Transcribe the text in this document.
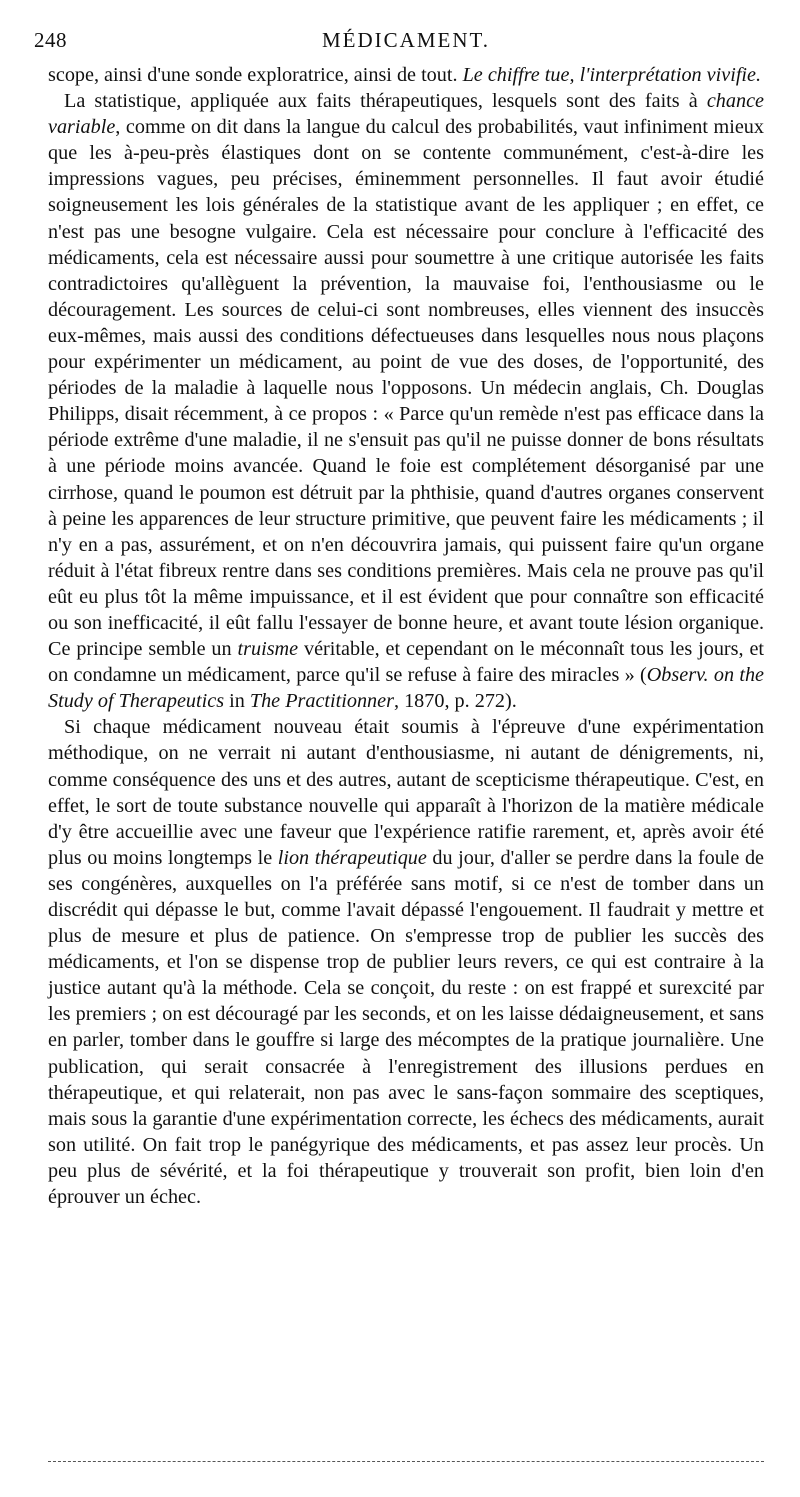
248	MÉDICAMENT.

scope, ainsi d'une sonde exploratrice, ainsi de tout. Le chiffre tue, l'interprétation vivifie.

La statistique, appliquée aux faits thérapeutiques, lesquels sont des faits à chance variable, comme on dit dans la langue du calcul des probabilités, vaut infiniment mieux que les à-peu-près élastiques dont on se contente communément, c'est-à-dire les impressions vagues, peu précises, éminemment personnelles. Il faut avoir étudié soigneusement les lois générales de la statistique avant de les appliquer ; en effet, ce n'est pas une besogne vulgaire. Cela est nécessaire pour conclure à l'efficacité des médicaments, cela est nécessaire aussi pour soumettre à une critique autorisée les faits contradictoires qu'allèguent la prévention, la mauvaise foi, l'enthousiasme ou le découragement. Les sources de celui-ci sont nombreuses, elles viennent des insuccès eux-mêmes, mais aussi des conditions défectueuses dans lesquelles nous nous plaçons pour expérimenter un médicament, au point de vue des doses, de l'opportunité, des périodes de la maladie à laquelle nous l'opposons. Un médecin anglais, Ch. Douglas Philipps, disait récemment, à ce propos : « Parce qu'un remède n'est pas efficace dans la période extrême d'une maladie, il ne s'ensuit pas qu'il ne puisse donner de bons résultats à une période moins avancée. Quand le foie est complétement désorganisé par une cirrhose, quand le poumon est détruit par la phthisie, quand d'autres organes conservent à peine les apparences de leur structure primitive, que peuvent faire les médicaments ; il n'y en a pas, assurément, et on n'en découvrira jamais, qui puissent faire qu'un organe réduit à l'état fibreux rentre dans ses conditions premières. Mais cela ne prouve pas qu'il eût eu plus tôt la même impuissance, et il est évident que pour connaître son efficacité ou son inefficacité, il eût fallu l'essayer de bonne heure, et avant toute lésion organique. Ce principe semble un truisme véritable, et cependant on le méconnaît tous les jours, et on condamne un médicament, parce qu'il se refuse à faire des miracles » (Observ. on the Study of Therapeutics in The Practitionner, 1870, p. 272).

Si chaque médicament nouveau était soumis à l'épreuve d'une expérimentation méthodique, on ne verrait ni autant d'enthousiasme, ni autant de dénigrements, ni, comme conséquence des uns et des autres, autant de scepticisme thérapeutique. C'est, en effet, le sort de toute substance nouvelle qui apparaît à l'horizon de la matière médicale d'y être accueillie avec une faveur que l'expérience ratifie rarement, et, après avoir été plus ou moins longtemps le lion thérapeutique du jour, d'aller se perdre dans la foule de ses congénères, auxquelles on l'a préférée sans motif, si ce n'est de tomber dans un discrédit qui dépasse le but, comme l'avait dépassé l'engouement. Il faudrait y mettre et plus de mesure et plus de patience. On s'empresse trop de publier les succès des médicaments, et l'on se dispense trop de publier leurs revers, ce qui est contraire à la justice autant qu'à la méthode. Cela se conçoit, du reste : on est frappé et surexcité par les premiers ; on est découragé par les seconds, et on les laisse dédaigneusement, et sans en parler, tomber dans le gouffre si large des mécomptes de la pratique journalière. Une publication, qui serait consacrée à l'enregistrement des illusions perdues en thérapeutique, et qui relaterait, non pas avec le sans-façon sommaire des sceptiques, mais sous la garantie d'une expérimentation correcte, les échecs des médicaments, aurait son utilité. On fait trop le panégyrique des médicaments, et pas assez leur procès. Un peu plus de sévérité, et la foi thérapeutique y trouverait son profit, bien loin d'en éprouver un échec.
